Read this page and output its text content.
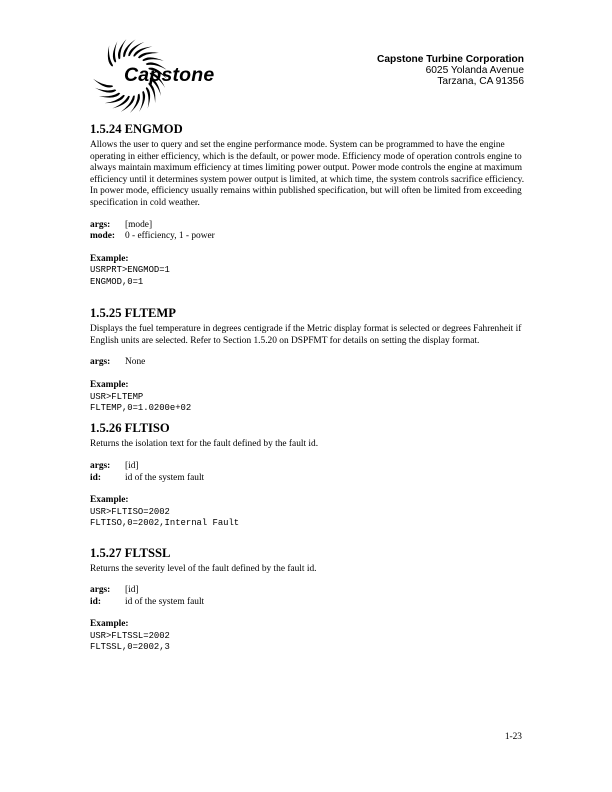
Capstone
Capstone Turbine Corporation
6025 Yolanda Avenue
Tarzana, CA 91356
1.5.24 ENGMOD

Allows the user to query and set the engine performance mode. System can be programmed to have the engine operating in either efficiency, which is the default, or power mode. Efficiency mode of operation controls engine to always maintain maximum efficiency at times limiting power output. Power mode controls the engine at maximum efficiency until it determines system power output is limited, at which time, the system controls sacrifice efficiency. In power mode, efficiency usually remains within published specification, but will often be limited from exceeding specification in cold weather.

args:	[mode]
mode:	0 - efficiency, 1 - power
Example:
USRPRT>ENGMOD=1
ENGMOD,0=1
1.5.25 FLTEMP

Displays the fuel temperature in degrees centigrade if the Metric display format is selected or degrees Fahrenheit if English units are selected. Refer to Section 1.5.20 on DSPFMT for details on setting the display format.

args:	None
Example:
USR>FLTEMP
FLTEMP,0=1.0200e+02
1.5.26 FLTISO

Returns the isolation text for the fault defined by the fault id.

args:	[id]
id:	id of the system fault
Example:
USR>FLTISO=2002
FLTISO,0=2002,Internal Fault
1.5.27 FLTSSL

Returns the severity level of the fault defined by the fault id.

args:	[id]
id:	id of the system fault
Example:
USR>FLTSSL=2002
FLTSSL,0=2002,3
1-23
